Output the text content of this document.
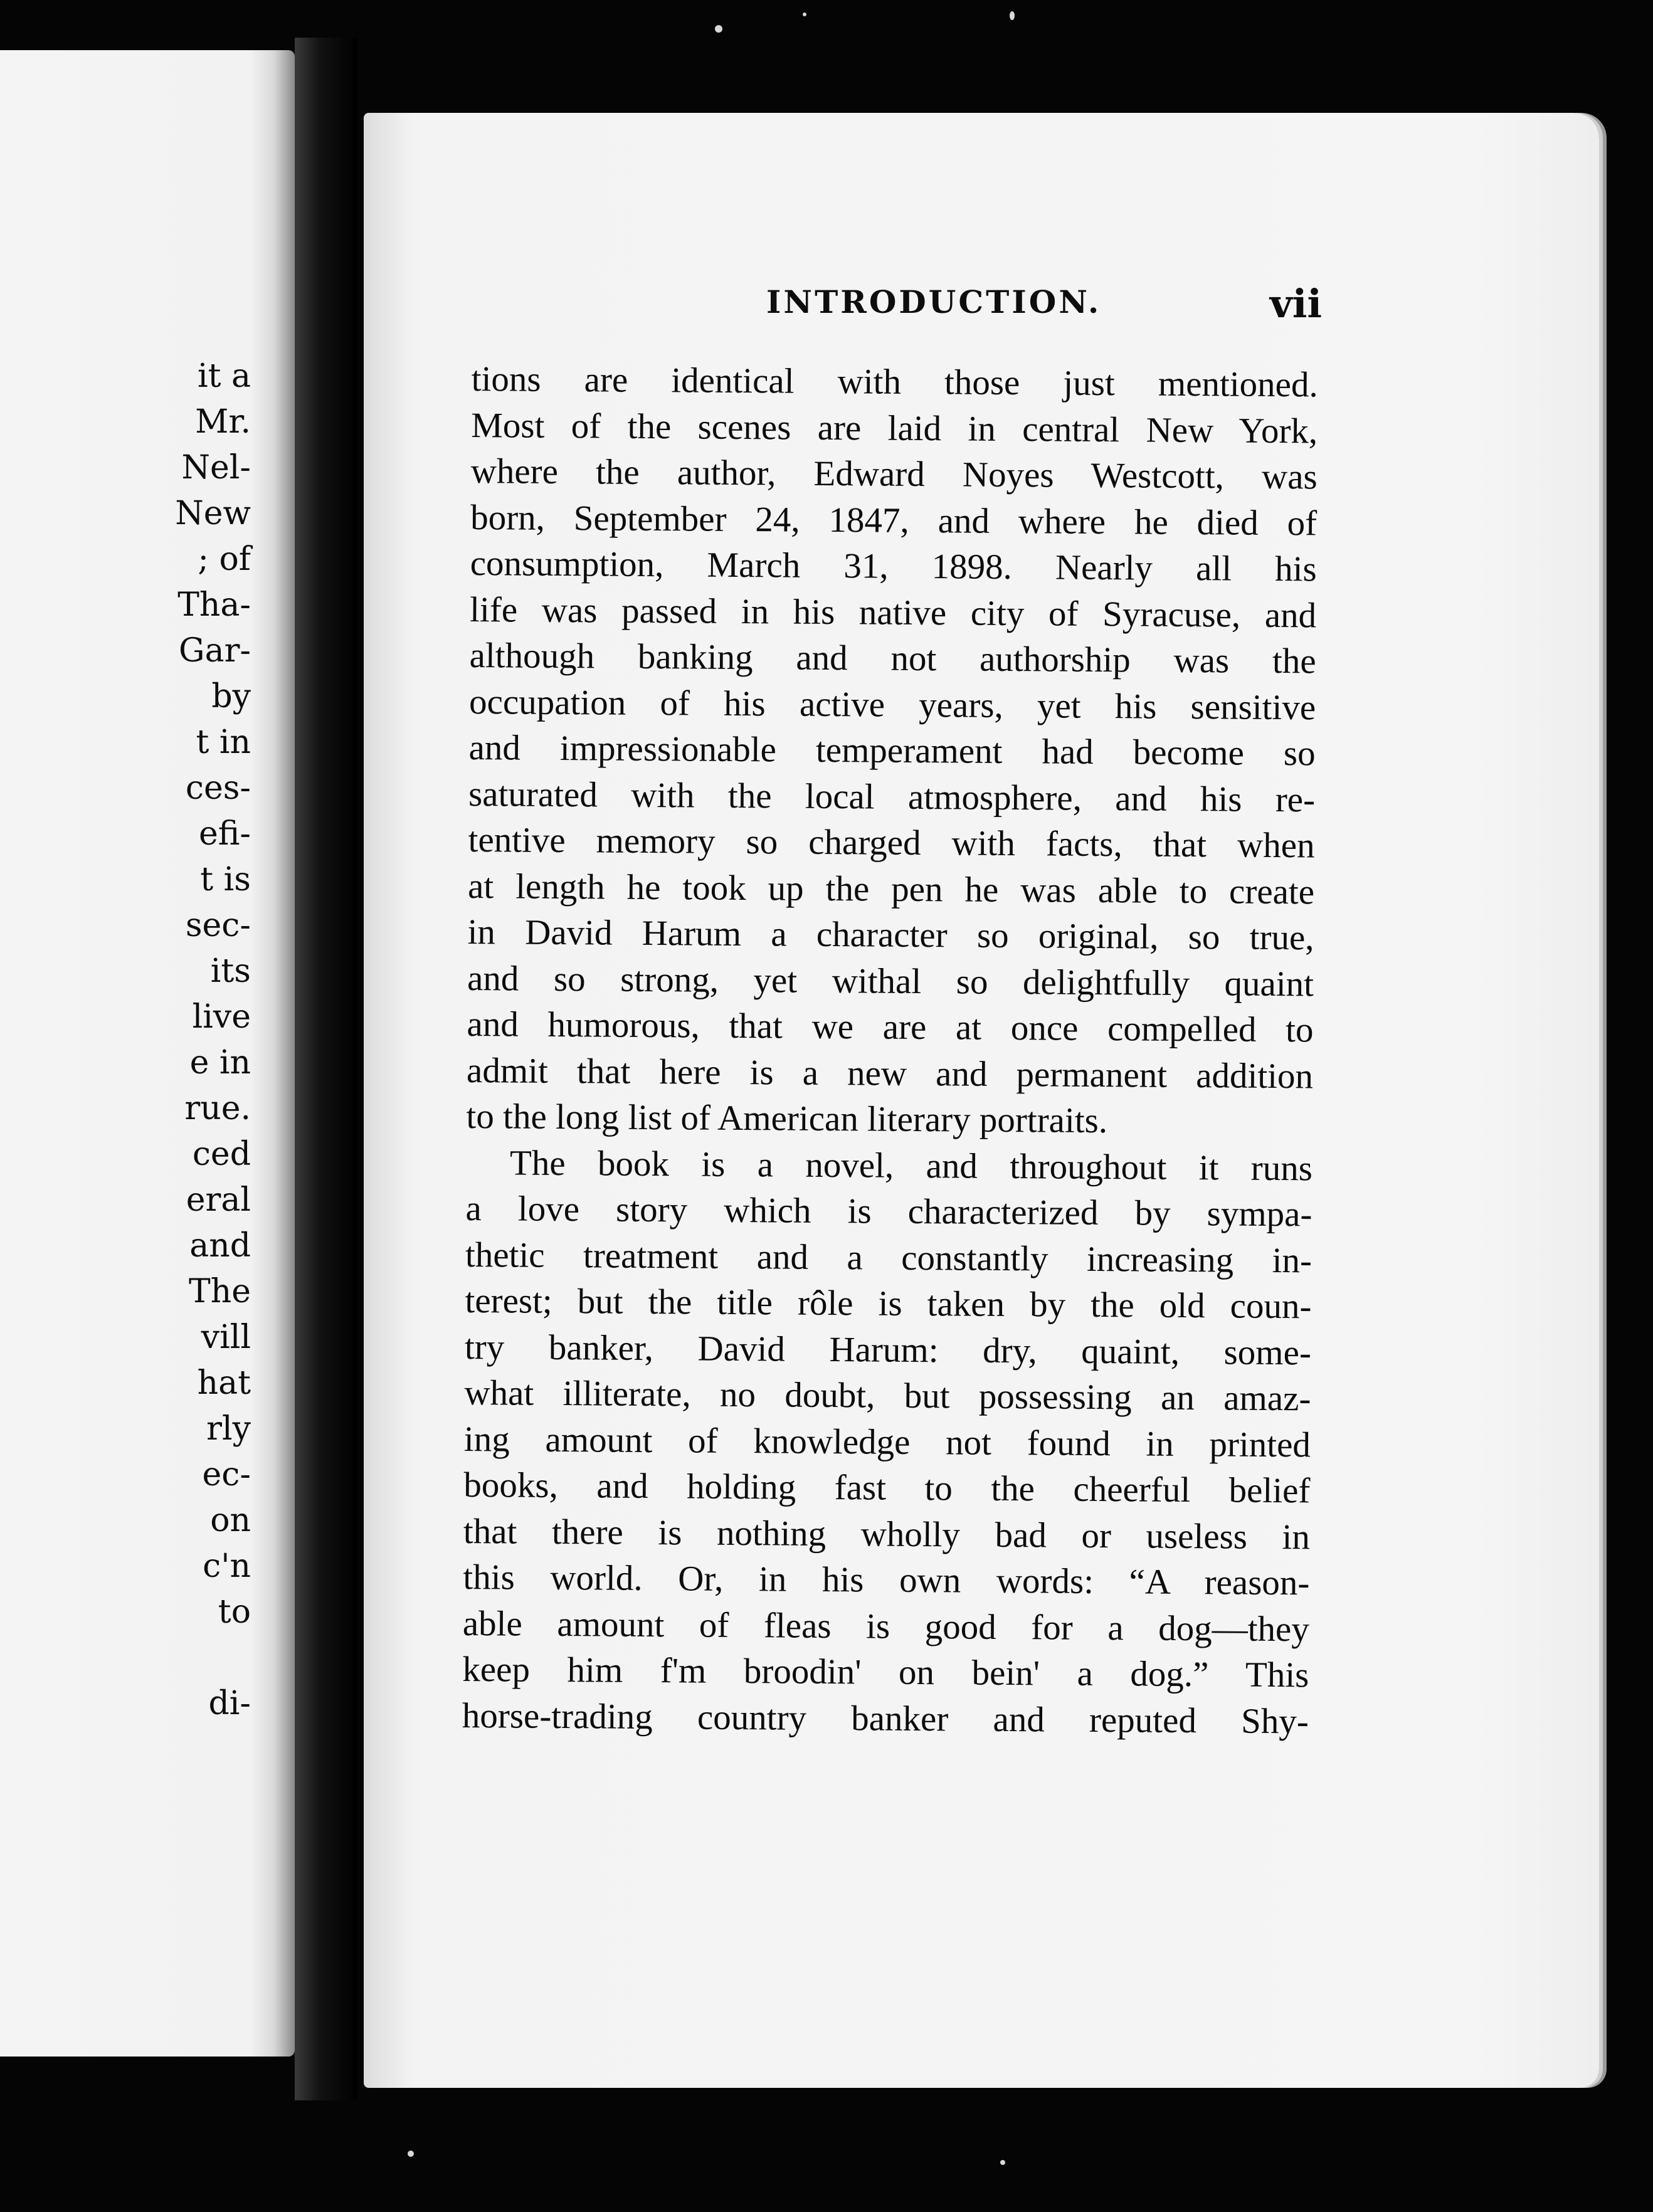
it a
Mr.
Nel-
New
; of
Tha-
Gar-
by
t in
ces-
efi-
t is
sec-
its
live
e in
rue.
ced
eral
and
The
vill
hat
rly
ec-
on
c'n
to
di-
INTRODUCTION.	vii
tions are identical with those just mentioned.
Most of the scenes are laid in central New York,
where the author, Edward Noyes Westcott, was
born, September 24, 1847, and where he died of
consumption, March 31, 1898. Nearly all his
life was passed in his native city of Syracuse, and
although banking and not authorship was the
occupation of his active years, yet his sensitive
and impressionable temperament had become so
saturated with the local atmosphere, and his re-
tentive memory so charged with facts, that when
at length he took up the pen he was able to create
in David Harum a character so original, so true,
and so strong, yet withal so delightfully quaint
and humorous, that we are at once compelled to
admit that here is a new and permanent addition
to the long list of American literary portraits.
The book is a novel, and throughout it runs
a love story which is characterized by sympa-
thetic treatment and a constantly increasing in-
terest; but the title rôle is taken by the old coun-
try banker, David Harum: dry, quaint, some-
what illiterate, no doubt, but possessing an amaz-
ing amount of knowledge not found in printed
books, and holding fast to the cheerful belief
that there is nothing wholly bad or useless in
this world. Or, in his own words: “A reason-
able amount of fleas is good for a dog—they
keep him f'm broodin' on bein' a dog.” This
horse-trading country banker and reputed Shy-
